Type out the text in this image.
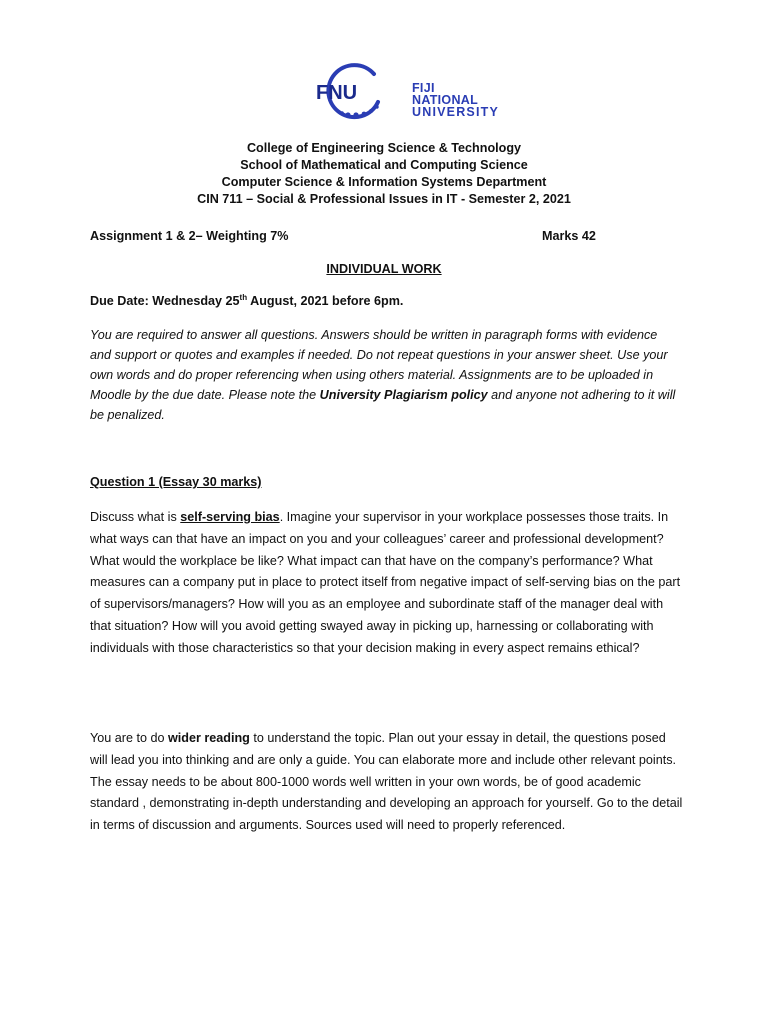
FNU	FIJI NATIONAL
UNIVERSITY
College of Engineering Science & Technology
School of Mathematical and Computing Science
Computer Science & Information Systems Department
CIN 711 – Social & Professional Issues in IT - Semester 2, 2021
Assignment 1 & 2– Weighting 7%	Marks 42
INDIVIDUAL WORK
Due Date: Wednesday 25th August, 2021 before 6pm.
You are required to answer all questions. Answers should be written in paragraph forms with evidence and support or quotes and examples if needed. Do not repeat questions in your answer sheet. Use your own words and do proper referencing when using others material. Assignments are to be uploaded in Moodle by the due date. Please note the University Plagiarism policy and anyone not adhering to it will be penalized.
Question 1 (Essay 30 marks)
Discuss what is self-serving bias. Imagine your supervisor in your workplace possesses those traits. In what ways can that have an impact on you and your colleagues’ career and professional development? What would the workplace be like? What impact can that have on the company’s performance? What measures can a company put in place to protect itself from negative impact of self-serving bias on the part of supervisors/managers? How will you as an employee and subordinate staff of the manager deal with that situation? How will you avoid getting swayed away in picking up, harnessing or collaborating with individuals with those characteristics so that your decision making in every aspect remains ethical?
You are to do wider reading to understand the topic. Plan out your essay in detail, the questions posed will lead you into thinking and are only a guide. You can elaborate more and include other relevant points. The essay needs to be about 800-1000 words well written in your own words, be of good academic standard , demonstrating in-depth understanding and developing an approach for yourself. Go to the detail in terms of discussion and arguments. Sources used will need to properly referenced.
